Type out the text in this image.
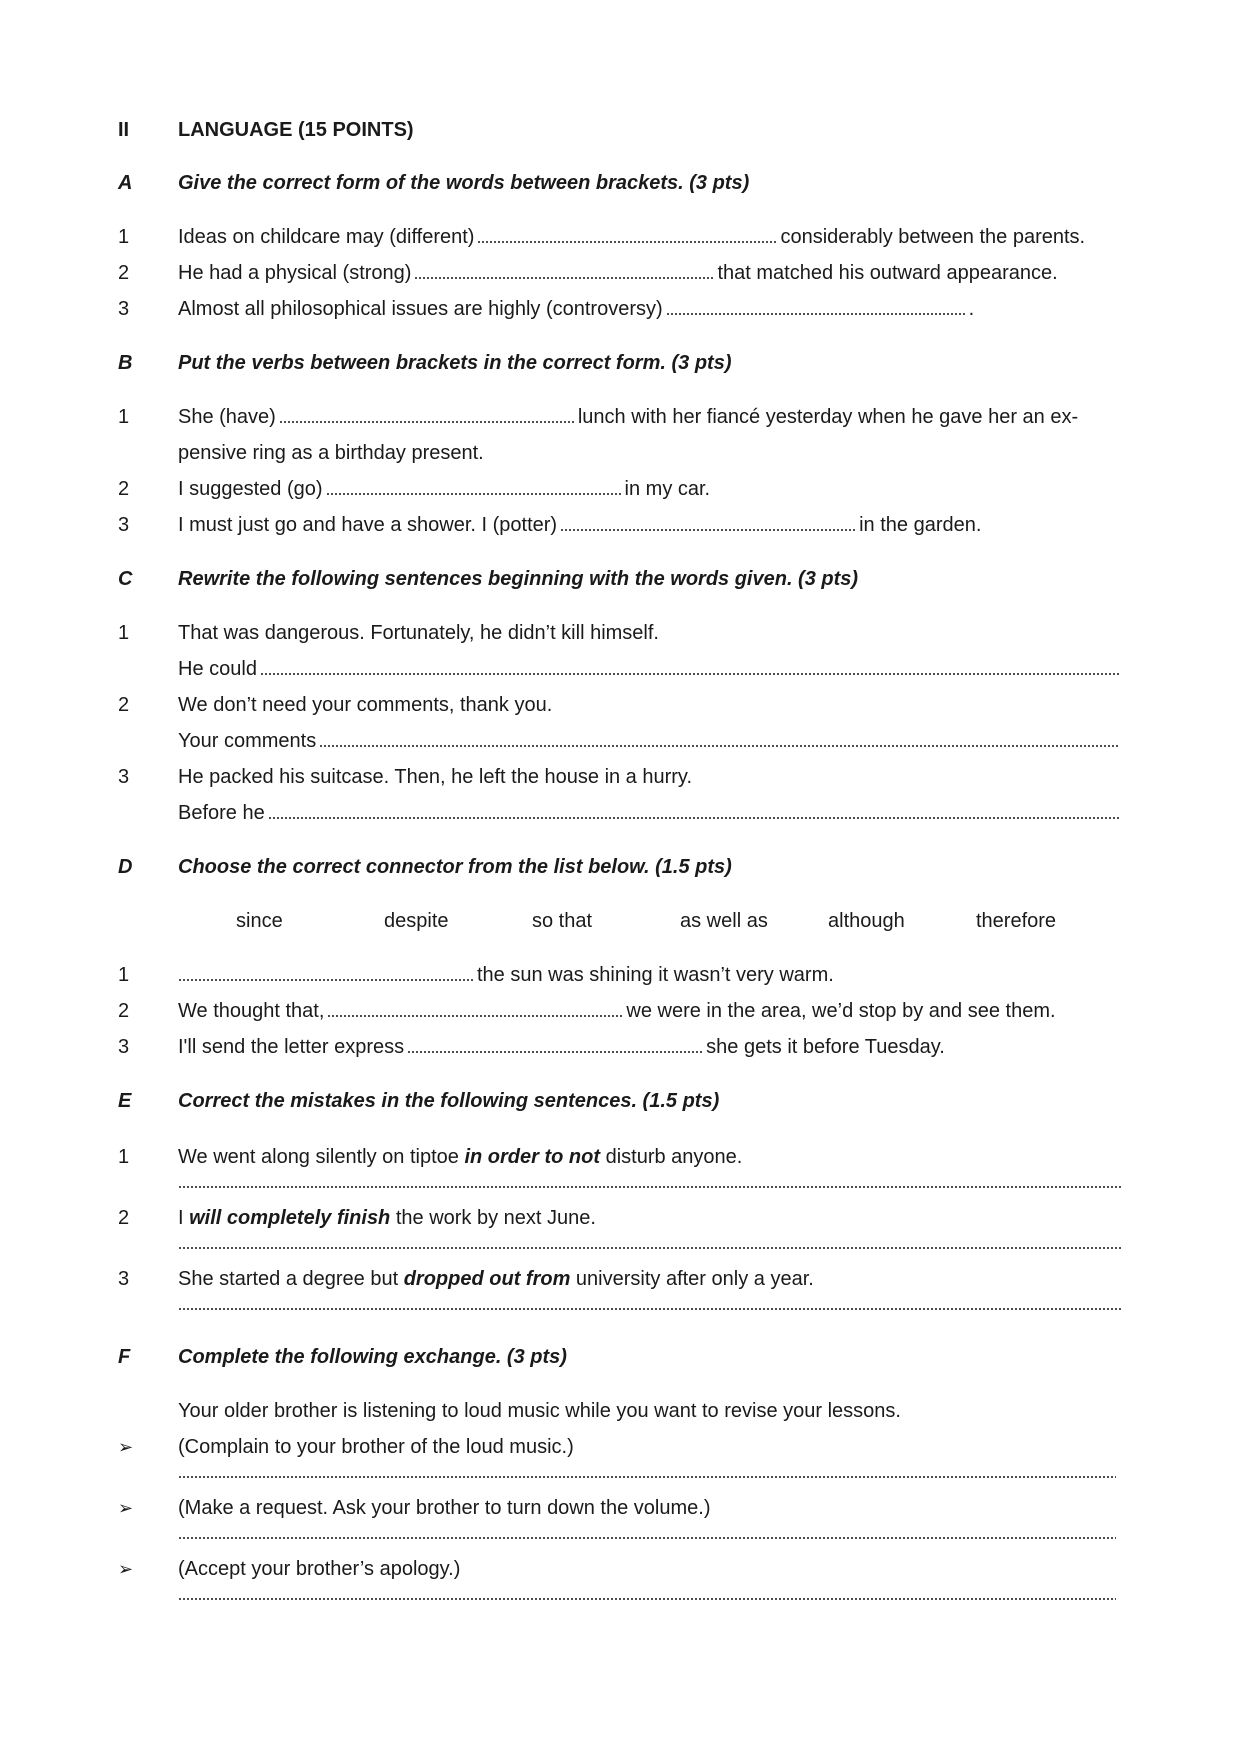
II LANGUAGE (15 POINTS)
A Give the correct form of the words between brackets. (3 pts)
1 Ideas on childcare may (different)	considerably between the parents.
2 He had a physical (strong)	that matched his outward appearance.
3 Almost all philosophical issues are highly (controversy)	.
B Put the verbs between brackets in the correct form. (3 pts)
1 She (have)	lunch with her fiancé yesterday when he gave her an ex-
pensive ring as a birthday present.
2 I suggested (go)	in my car.
3 I must just go and have a shower. I (potter)	in the garden.
C Rewrite the following sentences beginning with the words given. (3 pts)
1 That was dangerous. Fortunately, he didn’t kill himself.
He could
2 We don’t need your comments, thank you.
Your comments
3 He packed his suitcase. Then, he left the house in a hurry.
Before he
D Choose the correct connector from the list below. (1.5 pts)
since	despite	so that	as well as	although	therefore
1	the sun was shining it wasn’t very warm.
2 We thought that,	we were in the area, we’d stop by and see them.
3 I'll send the letter express	she gets it before Tuesday.
E Correct the mistakes in the following sentences. (1.5 pts)
1 We went along silently on tiptoe in order to not disturb anyone.
2 I will completely finish the work by next June.
3 She started a degree but dropped out from university after only a year.
F Complete the following exchange. (3 pts)
Your older brother is listening to loud music while you want to revise your lessons.
➢ (Complain to your brother of the loud music.)
➢ (Make a request. Ask your brother to turn down the volume.)
➢ (Accept your brother’s apology.)
